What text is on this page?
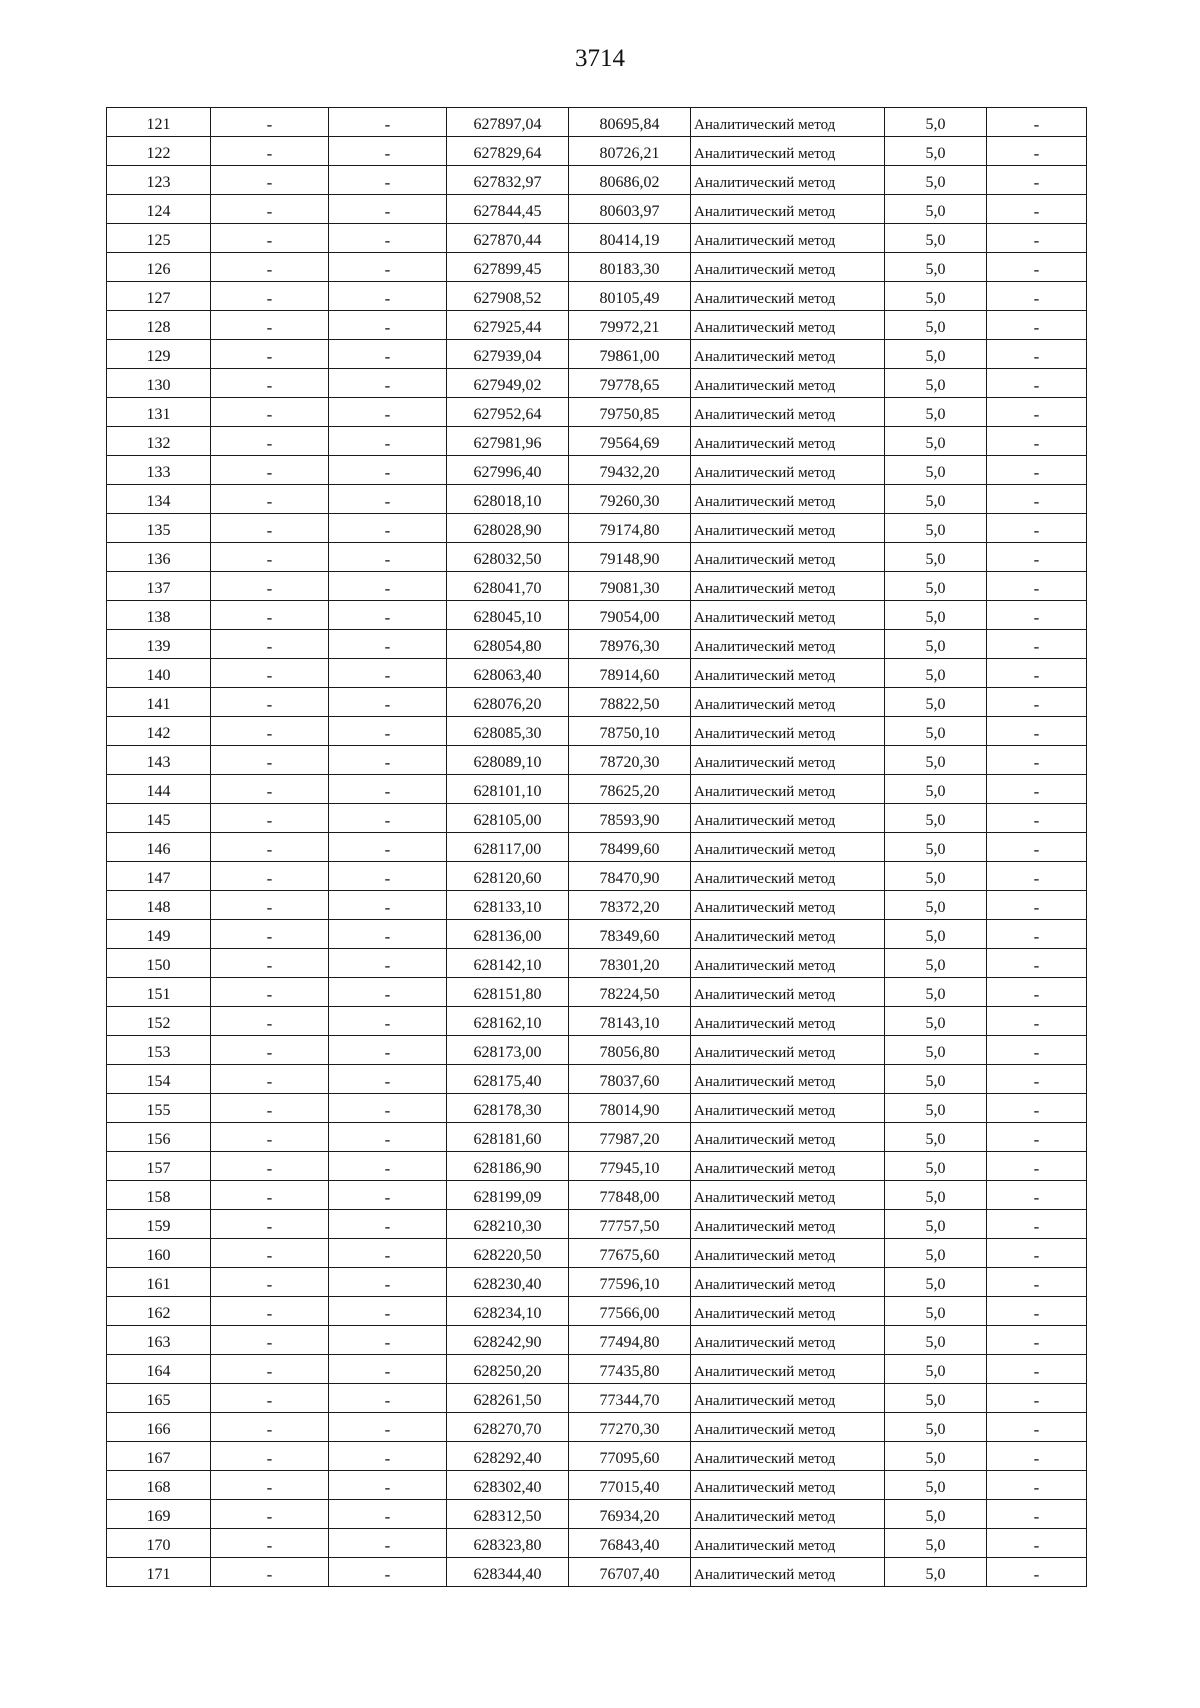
3714
121	-	-	627897,04	80695,84	Аналитический метод	5,0	-
122	-	-	627829,64	80726,21	Аналитический метод	5,0	-
123	-	-	627832,97	80686,02	Аналитический метод	5,0	-
124	-	-	627844,45	80603,97	Аналитический метод	5,0	-
125	-	-	627870,44	80414,19	Аналитический метод	5,0	-
126	-	-	627899,45	80183,30	Аналитический метод	5,0	-
127	-	-	627908,52	80105,49	Аналитический метод	5,0	-
128	-	-	627925,44	79972,21	Аналитический метод	5,0	-
129	-	-	627939,04	79861,00	Аналитический метод	5,0	-
130	-	-	627949,02	79778,65	Аналитический метод	5,0	-
131	-	-	627952,64	79750,85	Аналитический метод	5,0	-
132	-	-	627981,96	79564,69	Аналитический метод	5,0	-
133	-	-	627996,40	79432,20	Аналитический метод	5,0	-
134	-	-	628018,10	79260,30	Аналитический метод	5,0	-
135	-	-	628028,90	79174,80	Аналитический метод	5,0	-
136	-	-	628032,50	79148,90	Аналитический метод	5,0	-
137	-	-	628041,70	79081,30	Аналитический метод	5,0	-
138	-	-	628045,10	79054,00	Аналитический метод	5,0	-
139	-	-	628054,80	78976,30	Аналитический метод	5,0	-
140	-	-	628063,40	78914,60	Аналитический метод	5,0	-
141	-	-	628076,20	78822,50	Аналитический метод	5,0	-
142	-	-	628085,30	78750,10	Аналитический метод	5,0	-
143	-	-	628089,10	78720,30	Аналитический метод	5,0	-
144	-	-	628101,10	78625,20	Аналитический метод	5,0	-
145	-	-	628105,00	78593,90	Аналитический метод	5,0	-
146	-	-	628117,00	78499,60	Аналитический метод	5,0	-
147	-	-	628120,60	78470,90	Аналитический метод	5,0	-
148	-	-	628133,10	78372,20	Аналитический метод	5,0	-
149	-	-	628136,00	78349,60	Аналитический метод	5,0	-
150	-	-	628142,10	78301,20	Аналитический метод	5,0	-
151	-	-	628151,80	78224,50	Аналитический метод	5,0	-
152	-	-	628162,10	78143,10	Аналитический метод	5,0	-
153	-	-	628173,00	78056,80	Аналитический метод	5,0	-
154	-	-	628175,40	78037,60	Аналитический метод	5,0	-
155	-	-	628178,30	78014,90	Аналитический метод	5,0	-
156	-	-	628181,60	77987,20	Аналитический метод	5,0	-
157	-	-	628186,90	77945,10	Аналитический метод	5,0	-
158	-	-	628199,09	77848,00	Аналитический метод	5,0	-
159	-	-	628210,30	77757,50	Аналитический метод	5,0	-
160	-	-	628220,50	77675,60	Аналитический метод	5,0	-
161	-	-	628230,40	77596,10	Аналитический метод	5,0	-
162	-	-	628234,10	77566,00	Аналитический метод	5,0	-
163	-	-	628242,90	77494,80	Аналитический метод	5,0	-
164	-	-	628250,20	77435,80	Аналитический метод	5,0	-
165	-	-	628261,50	77344,70	Аналитический метод	5,0	-
166	-	-	628270,70	77270,30	Аналитический метод	5,0	-
167	-	-	628292,40	77095,60	Аналитический метод	5,0	-
168	-	-	628302,40	77015,40	Аналитический метод	5,0	-
169	-	-	628312,50	76934,20	Аналитический метод	5,0	-
170	-	-	628323,80	76843,40	Аналитический метод	5,0	-
171	-	-	628344,40	76707,40	Аналитический метод	5,0	-
